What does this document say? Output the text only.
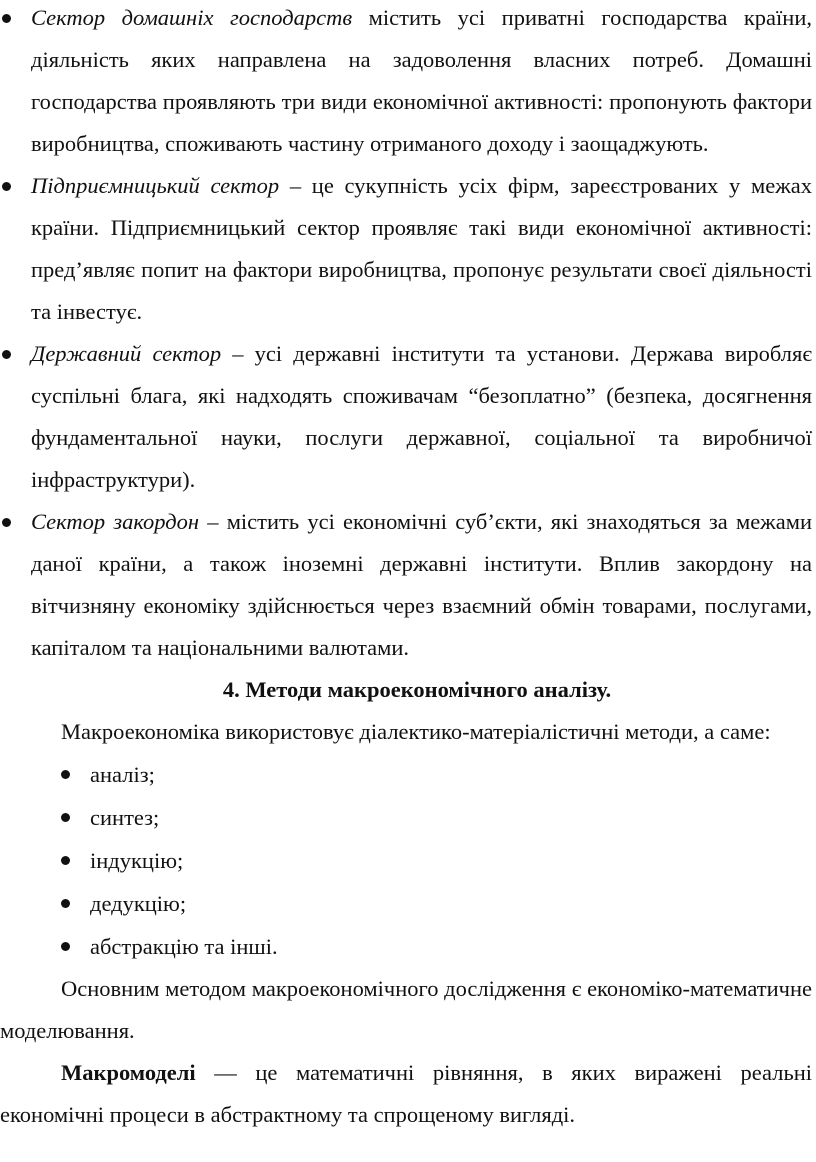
Сектор домашніх господарств містить усі приватні господарства країни, діяльність яких направлена на задоволення власних потреб. Домашні господарства проявляють три види економічної активності: пропонують фактори виробництва, споживають частину отриманого доходу і заощаджують.

Підприємницький сектор – це сукупність усіх фірм, зареєстрованих у межах країни. Підприємницький сектор проявляє такі види економічної активності: пред’являє попит на фактори виробництва, пропонує результати своєї діяльності та інвестує.

Державний сектор – усі державні інститути та установи. Держава виробляє суспільні блага, які надходять споживачам “безоплатно” (безпека, досягнення фундаментальної науки, послуги державної, соціальної та виробничої інфраструктури).

Сектор закордон – містить усі економічні суб’єкти, які знаходяться за межами даної країни, а також іноземні державні інститути. Вплив закордону на вітчизняну економіку здійснюється через взаємний обмін товарами, послугами, капіталом та національними валютами.

4. Методи макроекономічного аналізу.

Макроекономіка використовує діалектико-матеріалістичні методи, а саме:

аналіз;

синтез;

індукцію;

дедукцію;

абстракцію та інші.

Основним методом макроекономічного дослідження є економіко-математичне моделювання.

Макромоделі — це математичні рівняння, в яких виражені реальні економічні процеси в абстрактному та спрощеному вигляді.
